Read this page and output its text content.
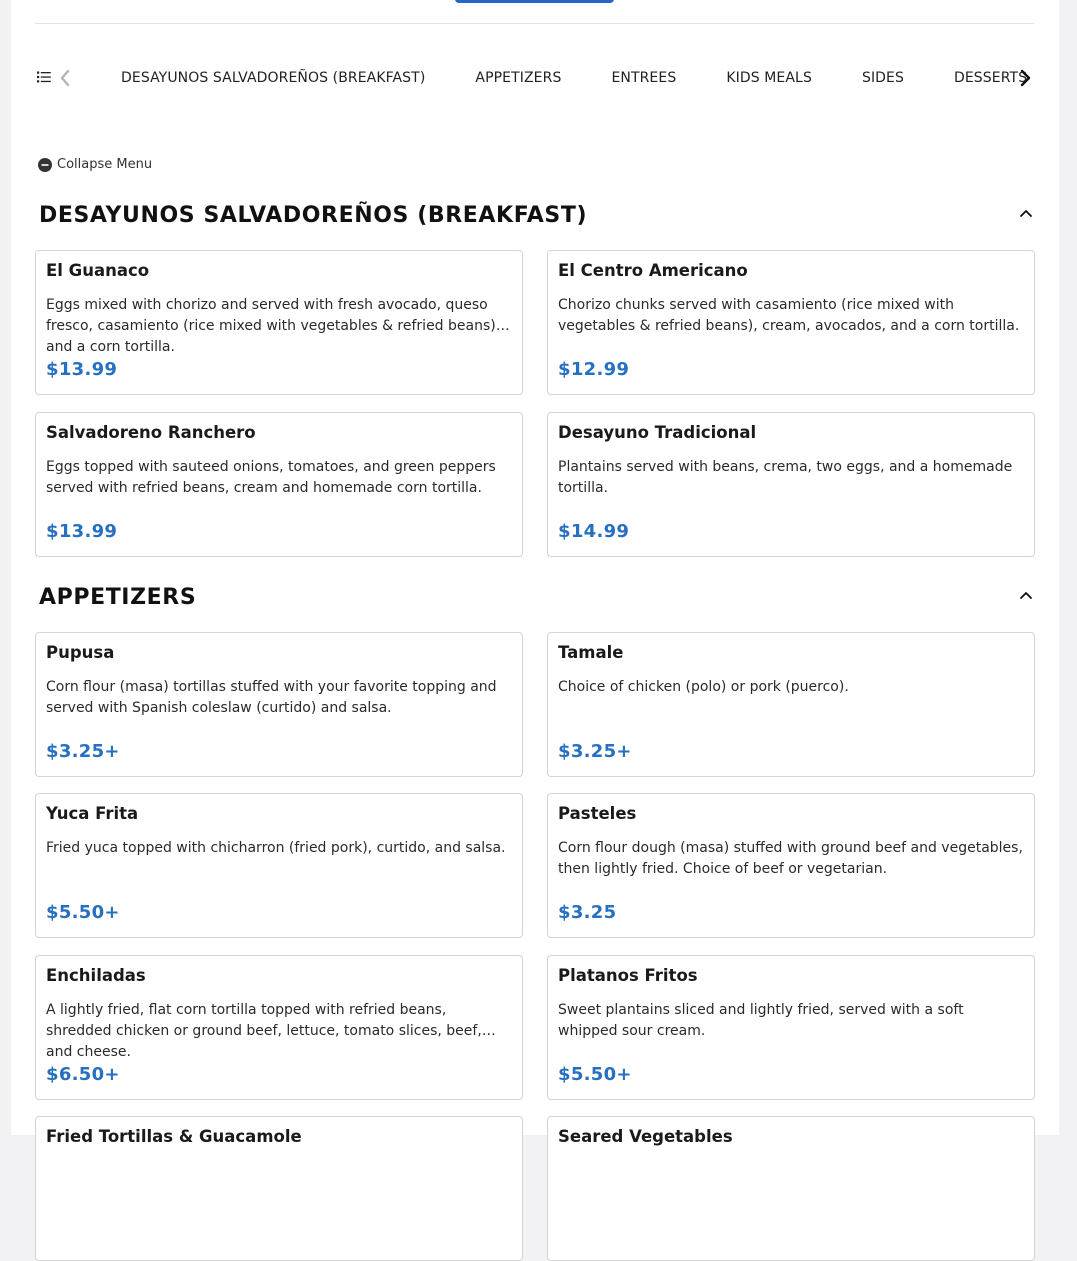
DESAYUNOS SALVADOREÑOS (BREAKFAST)	APPETIZERS	ENTREES	KIDS MEALS	SIDES	DESSERTS
Collapse Menu
DESAYUNOS SALVADOREÑOS (BREAKFAST)
El Guanaco
Eggs mixed with chorizo and served with fresh avocado, queso fresco, casamiento (rice mixed with vegetables & refried beans) and a corn tortilla.
$13.99
El Centro Americano
Chorizo chunks served with casamiento (rice mixed with vegetables & refried beans), cream, avocados, and a corn tortilla.
$12.99
Salvadoreno Ranchero
Eggs topped with sauteed onions, tomatoes, and green peppers served with refried beans, cream and homemade corn tortilla.
$13.99
Desayuno Tradicional
Plantains served with beans, crema, two eggs, and a homemade tortilla.
$14.99
APPETIZERS
Pupusa
Corn flour (masa) tortillas stuffed with your favorite topping and served with Spanish coleslaw (curtido) and salsa.
$3.25+
Tamale
Choice of chicken (polo) or pork (puerco).
$3.25+
Yuca Frita
Fried yuca topped with chicharron (fried pork), curtido, and salsa.
$5.50+
Pasteles
Corn flour dough (masa) stuffed with ground beef and vegetables, then lightly fried. Choice of beef or vegetarian.
$3.25
Enchiladas
A lightly fried, flat corn tortilla topped with refried beans, shredded chicken or ground beef, lettuce, tomato slices, beef, and cheese.
$6.50+
Platanos Fritos
Sweet plantains sliced and lightly fried, served with a soft whipped sour cream.
$5.50+
Fried Tortillas & Guacamole	Seared Vegetables
